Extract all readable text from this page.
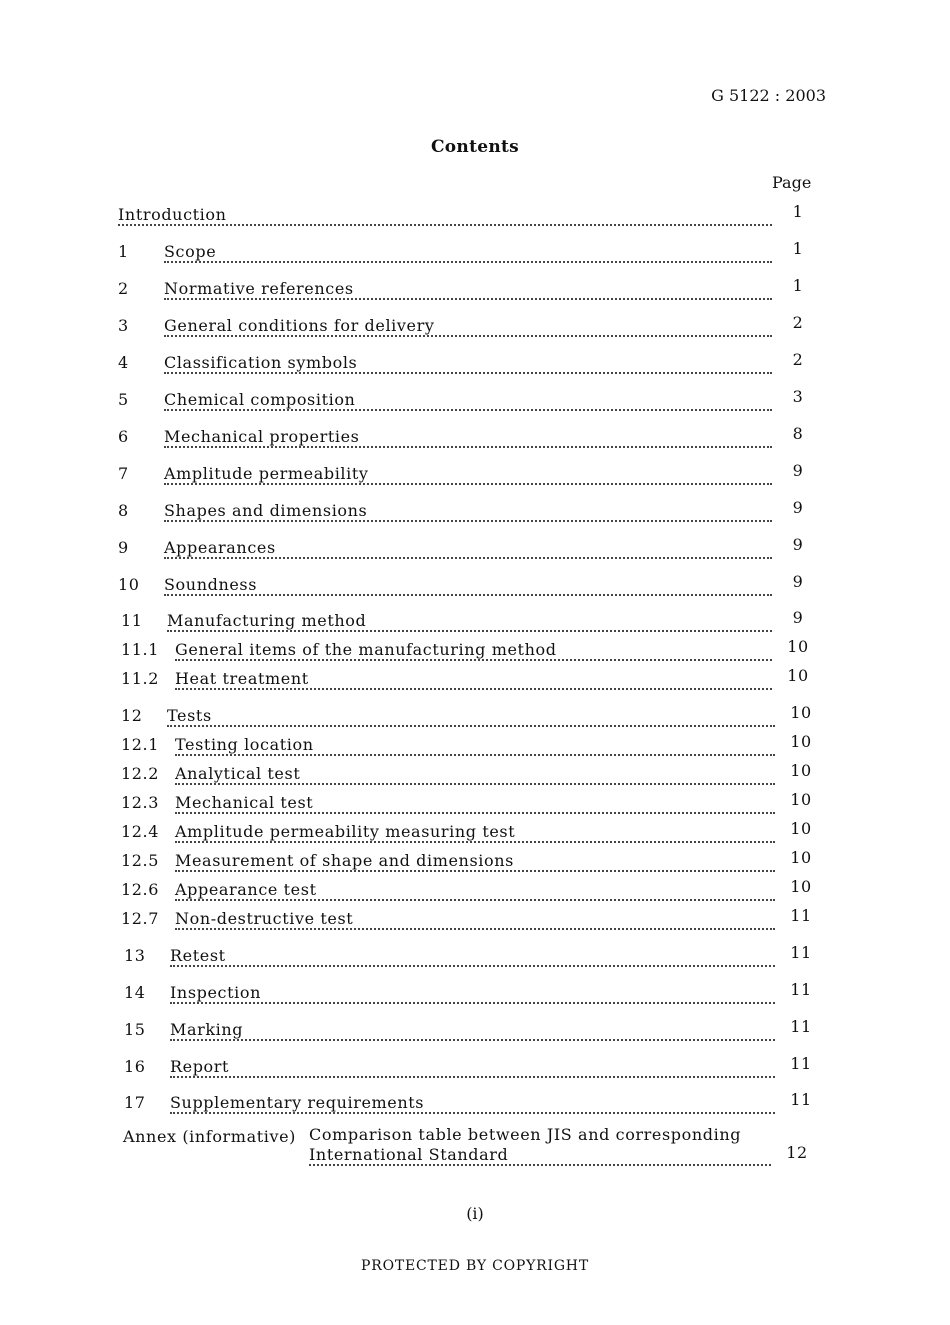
G 5122 : 2003
Contents
Page
Introduction	1
1 Scope	1
2 Normative references	1
3 General conditions for delivery	2
4 Classification symbols	2
5 Chemical composition	3
6 Mechanical properties	8
7 Amplitude permeability	9
8 Shapes and dimensions	9
9 Appearances	9
10 Soundness	9
11 Manufacturing method	9
11.1 General items of the manufacturing method	10
11.2 Heat treatment	10
12 Tests	10
12.1 Testing location	10
12.2 Analytical test	10
12.3 Mechanical test	10
12.4 Amplitude permeability measuring test	10
12.5 Measurement of shape and dimensions	10
12.6 Appearance test	10
12.7 Non-destructive test	11
13 Retest	11
14 Inspection	11
15 Marking	11
16 Report	11
17 Supplementary requirements	11
Annex (informative) Comparison table between JIS and corresponding
International Standard	12
(i)
PROTECTED BY COPYRIGHT
